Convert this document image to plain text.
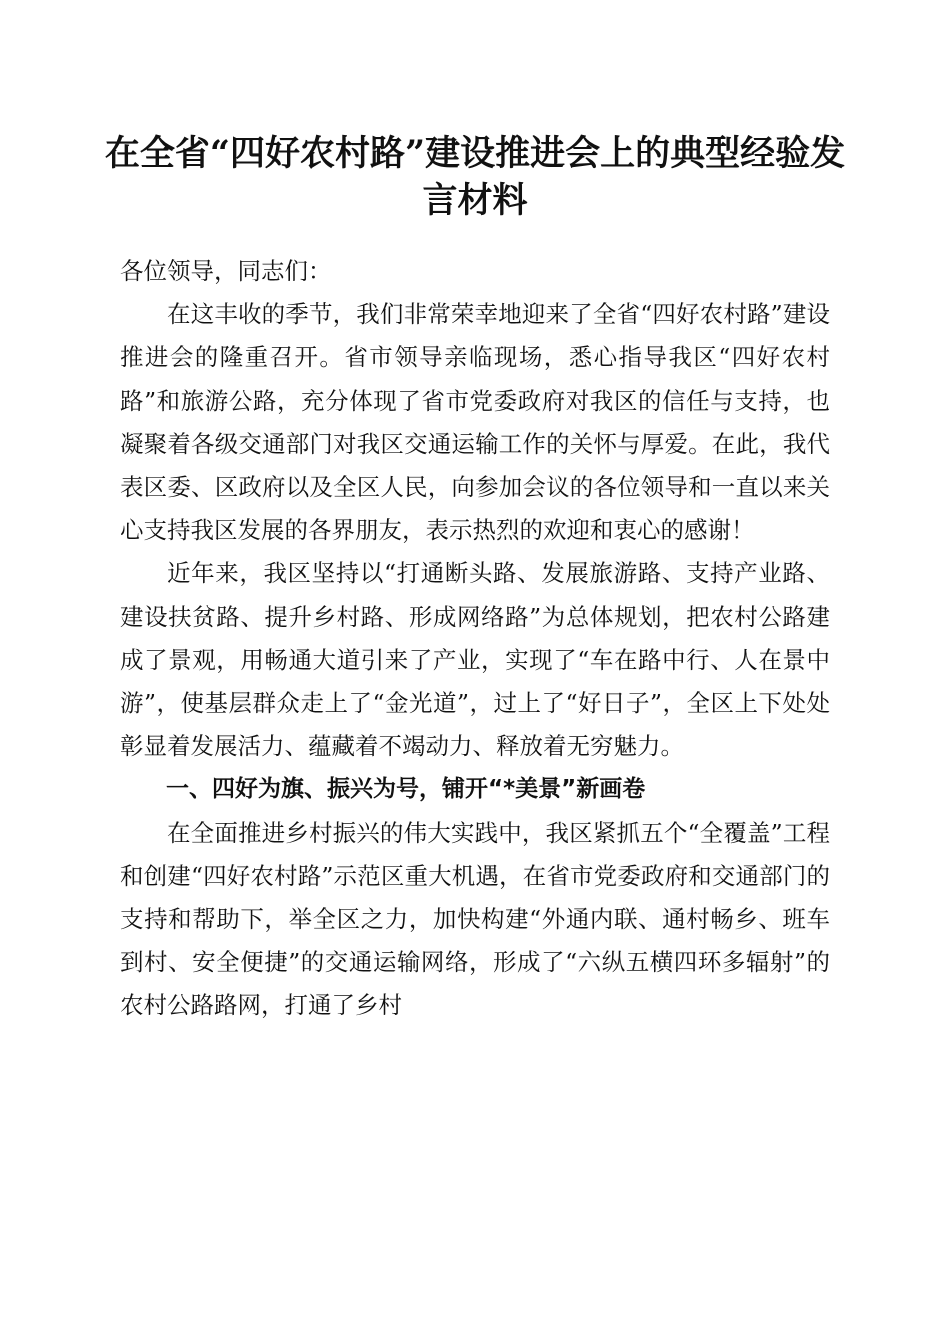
在全省“四好农村路”建设推进会上的典型经验发言材料

各位领导，同志们：

在这丰收的季节，我们非常荣幸地迎来了全省“四好农村路”建设推进会的隆重召开。省市领导亲临现场，悉心指导我区“四好农村路”和旅游公路，充分体现了省市党委政府对我区的信任与支持，也凝聚着各级交通部门对我区交通运输工作的关怀与厚爱。在此，我代表区委、区政府以及全区人民，向参加会议的各位领导和一直以来关心支持我区发展的各界朋友，表示热烈的欢迎和衷心的感谢！

近年来，我区坚持以“打通断头路、发展旅游路、支持产业路、建设扶贫路、提升乡村路、形成网络路”为总体规划，把农村公路建成了景观，用畅通大道引来了产业，实现了“车在路中行、人在景中游”，使基层群众走上了“金光道”，过上了“好日子”，全区上下处处彰显着发展活力、蕴藏着不竭动力、释放着无穷魅力。

一、四好为旗、振兴为号，铺开“*美景”新画卷

在全面推进乡村振兴的伟大实践中，我区紧抓五个“全覆盖”工程和创建“四好农村路”示范区重大机遇，在省市党委政府和交通部门的支持和帮助下，举全区之力，加快构建“外通内联、通村畅乡、班车到村、安全便捷”的交通运输网络，形成了“六纵五横四环多辐射”的农村公路路网，打通了乡村
